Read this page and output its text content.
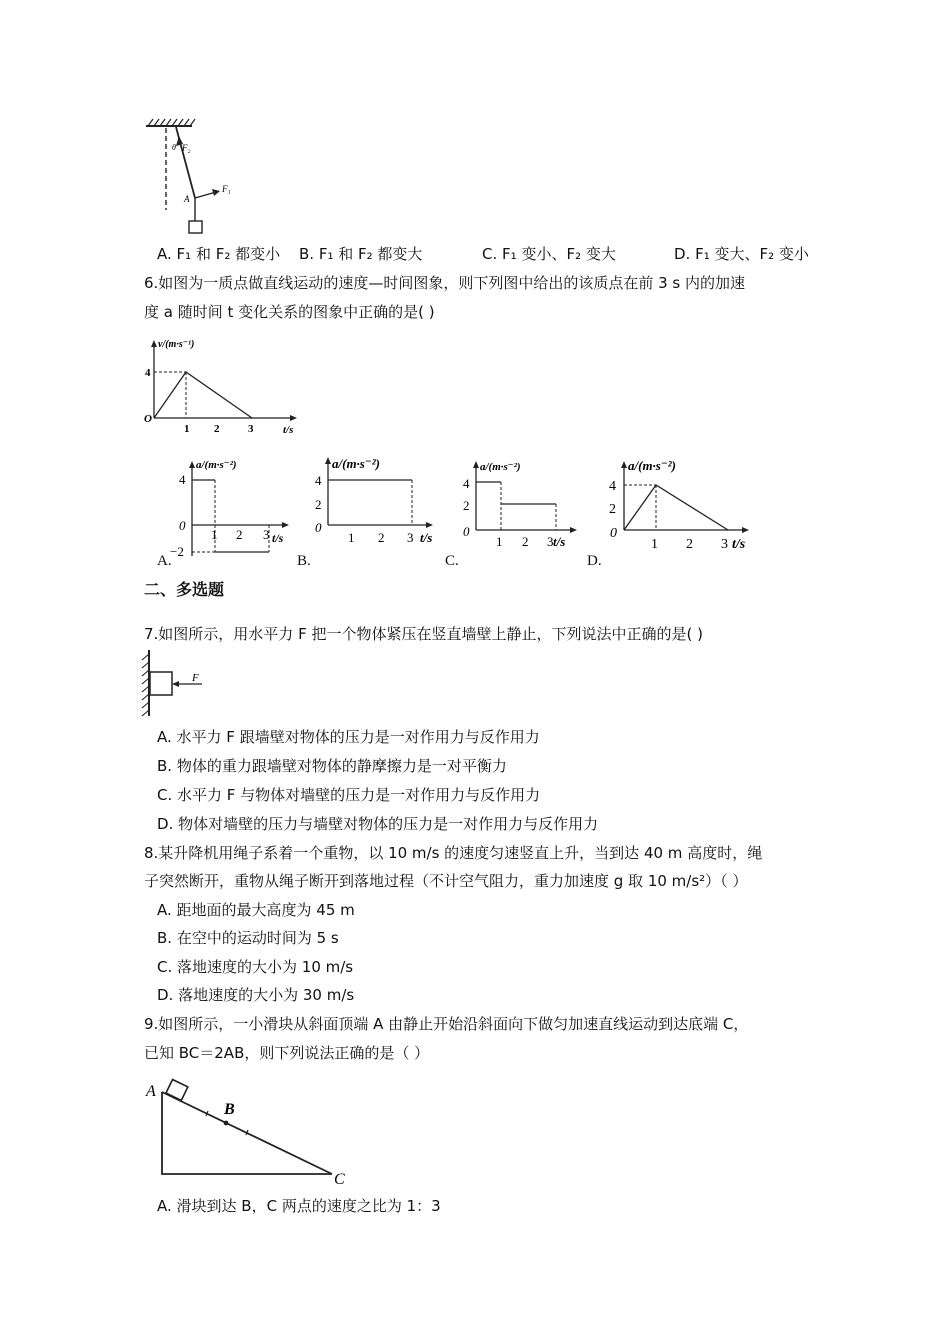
θ F₂
F₁
A
A. F₁ 和 F₂ 都变小 B. F₁ 和 F₂ 都变大	C. F₁ 变小、F₂ 变大	D. F₁ 变大、F₂ 变小
6.如图为一质点做直线运动的速度—时间图象，则下列图中给出的该质点在前 3 s 内的加速
度 a 随时间 t 变化关系的图象中正确的是( )
v/(m·s⁻¹)
t/s
O
4
1 2	3
a/(m·s⁻²)
t/s
4
0
−2
1 2 3
A.
a/(m·s⁻²)
t/s
4
2
0
1 2 3
B.
a/(m·s⁻²)
t/s
4
2
0
1 2 3
C.
a/(m·s⁻²)
t/s
4
2
0
1 2 3
D.
二、多选题
7.如图所示，用水平力 F 把一个物体紧压在竖直墙壁上静止，下列说法中正确的是( )
F
A. 水平力 F 跟墙壁对物体的压力是一对作用力与反作用力
B. 物体的重力跟墙壁对物体的静摩擦力是一对平衡力
C. 水平力 F 与物体对墙壁的压力是一对作用力与反作用力
D. 物体对墙壁的压力与墙壁对物体的压力是一对作用力与反作用力
8.某升降机用绳子系着一个重物，以 10 m/s 的速度匀速竖直上升，当到达 40 m 高度时，绳
子突然断开，重物从绳子断开到落地过程（不计空气阻力，重力加速度 g 取 10 m/s²）（ ）
A. 距地面的最大高度为 45 m
B. 在空中的运动时间为 5 s
C. 落地速度的大小为 10 m/s
D. 落地速度的大小为 30 m/s
9.如图所示，一小滑块从斜面顶端 A 由静止开始沿斜面向下做匀加速直线运动到达底端 C，
已知 BC＝2AB，则下列说法正确的是（ ）
A
B
C
A. 滑块到达 B，C 两点的速度之比为 1：3
